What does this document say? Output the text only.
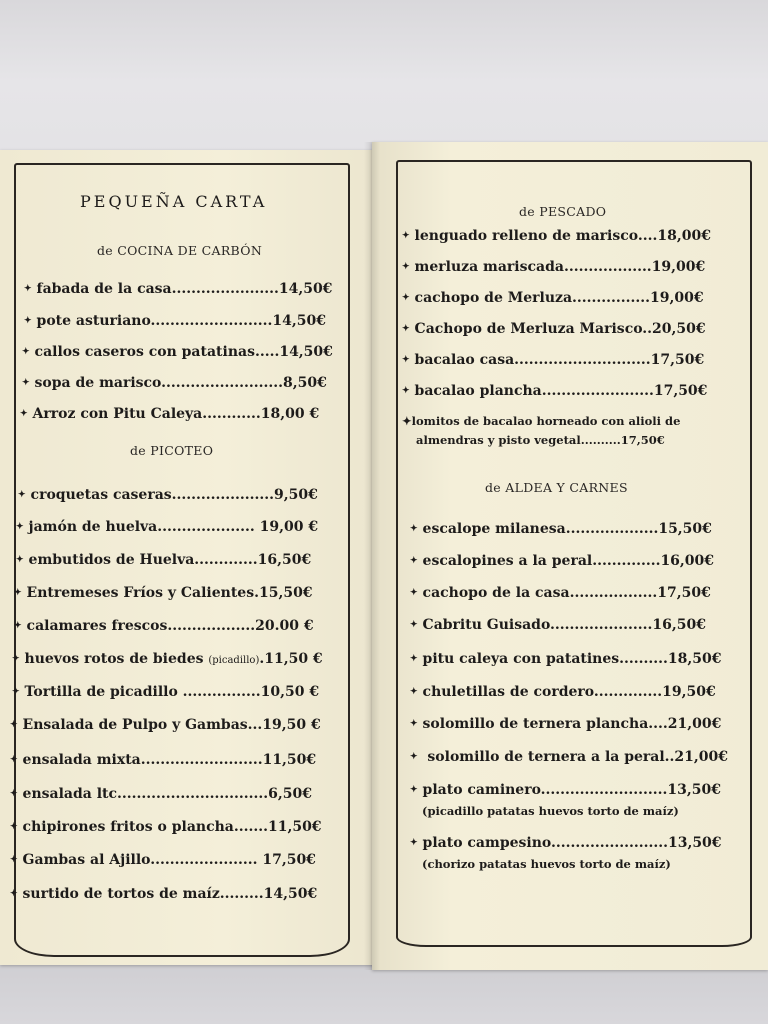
PEQUEÑA CARTA
de COCINA DE CARBÓN
✦ fabada de la casa......................14,50€
✦ pote asturiano.........................14,50€
✦ callos caseros con patatinas.....14,50€
✦ sopa de marisco.........................8,50€
✦ Arroz con Pitu Caleya............18,00 €
de PICOTEO
✦ croquetas caseras.....................9,50€
✦ jamón de huelva.................... 19,00 €
✦ embutidos de Huelva.............16,50€
✦ Entremeses Fríos y Calientes.15,50€
✦ calamares frescos..................20.00 €
✦ huevos rotos de biedes (picadillo).11,50 €
✦ Tortilla de picadillo ................10,50 €
✦ Ensalada de Pulpo y Gambas...19,50 €
✦ ensalada mixta.........................11,50€
✦ ensalada ltc...............................6,50€
✦ chipirones fritos o plancha.......11,50€
✦ Gambas al Ajillo...................... 17,50€
✦ surtido de tortos de maíz.........14,50€
de PESCADO
✦ lenguado relleno de marisco....18,00€
✦ merluza mariscada..................19,00€
✦ cachopo de Merluza................19,00€
✦ Cachopo de Merluza Marisco..20,50€
✦ bacalao casa............................17,50€
✦ bacalao plancha.......................17,50€
✦lomitos de bacalao horneado con alioli de
almendras y pisto vegetal..........17,50€
de ALDEA Y CARNES
✦ escalope milanesa...................15,50€
✦ escalopines a la peral..............16,00€
✦ cachopo de la casa..................17,50€
✦ Cabritu Guisado.....................16,50€
✦ pitu caleya con patatines..........18,50€
✦ chuletillas de cordero..............19,50€
✦ solomillo de ternera plancha....21,00€
✦ solomillo de ternera a la peral..21,00€
✦ plato caminero..........................13,50€
(picadillo patatas huevos torto de maíz)
✦ plato campesino........................13,50€
(chorizo patatas huevos torto de maíz)
